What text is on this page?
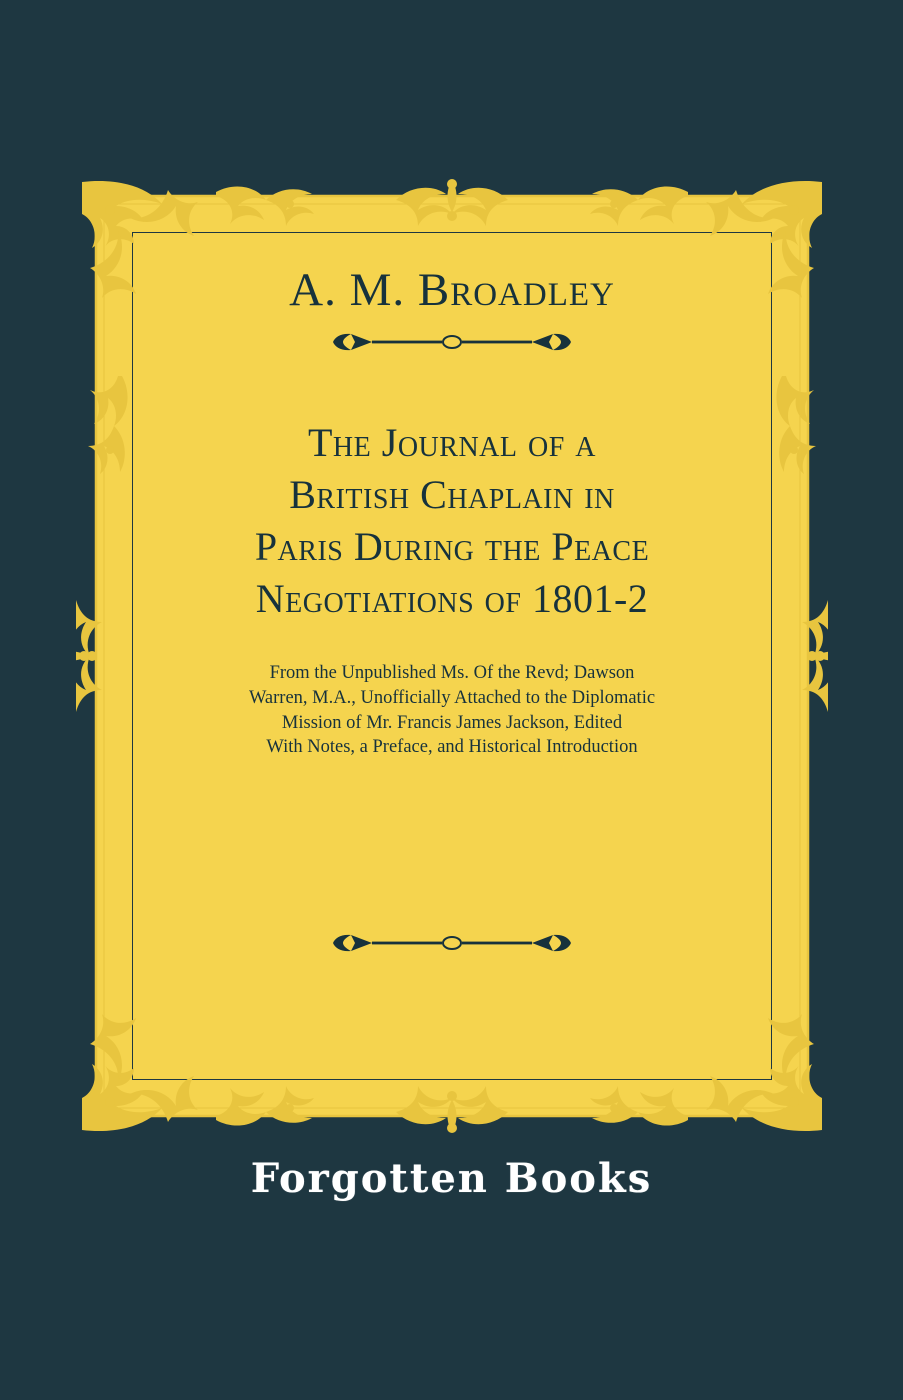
A. M. Broadley
The Journal of a
British Chaplain in
Paris During the Peace
Negotiations of 1801-2
From the Unpublished Ms. Of the Revd; Dawson
Warren, M.A., Unofficially Attached to the Diplomatic
Mission of Mr. Francis James Jackson, Edited
With Notes, a Preface, and Historical Introduction
Forgotten Books
